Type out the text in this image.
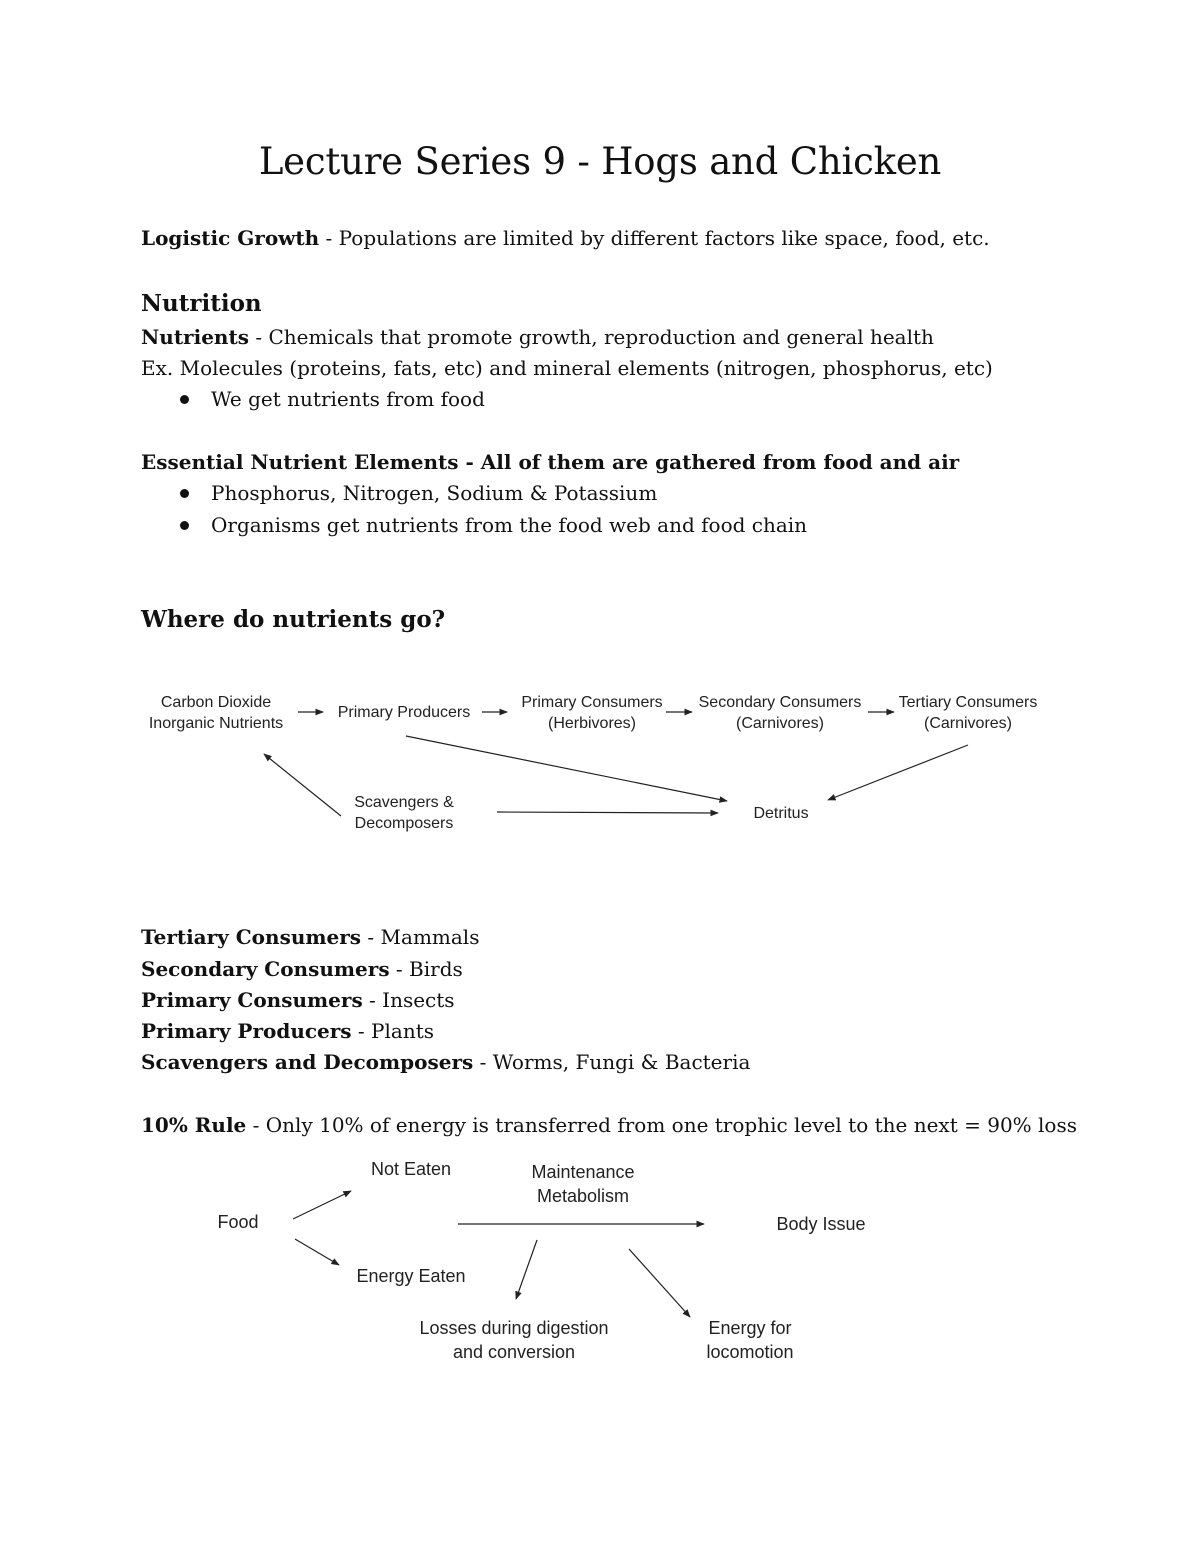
Lecture Series 9 - Hogs and Chicken
Logistic Growth - Populations are limited by different factors like space, food, etc.
Nutrition
Nutrients - Chemicals that promote growth, reproduction and general health
Ex. Molecules (proteins, fats, etc) and mineral elements (nitrogen, phosphorus, etc)
We get nutrients from food
Essential Nutrient Elements - All of them are gathered from food and air
Phosphorus, Nitrogen, Sodium & Potassium
Organisms get nutrients from the food web and food chain
Where do nutrients go?
Carbon Dioxide
Inorganic Nutrients
Primary Producers
Primary Consumers
(Herbivores)
Secondary Consumers
(Carnivores)
Tertiary Consumers
(Carnivores)
Scavengers &
Decomposers
Detritus
Tertiary Consumers - Mammals
Secondary Consumers - Birds
Primary Consumers - Insects
Primary Producers - Plants
Scavengers and Decomposers - Worms, Fungi & Bacteria
10% Rule - Only 10% of energy is transferred from one trophic level to the next = 90% loss
Food
Not Eaten
Energy Eaten
Maintenance
Metabolism
Body Issue
Losses during digestion
and conversion
Energy for
locomotion
